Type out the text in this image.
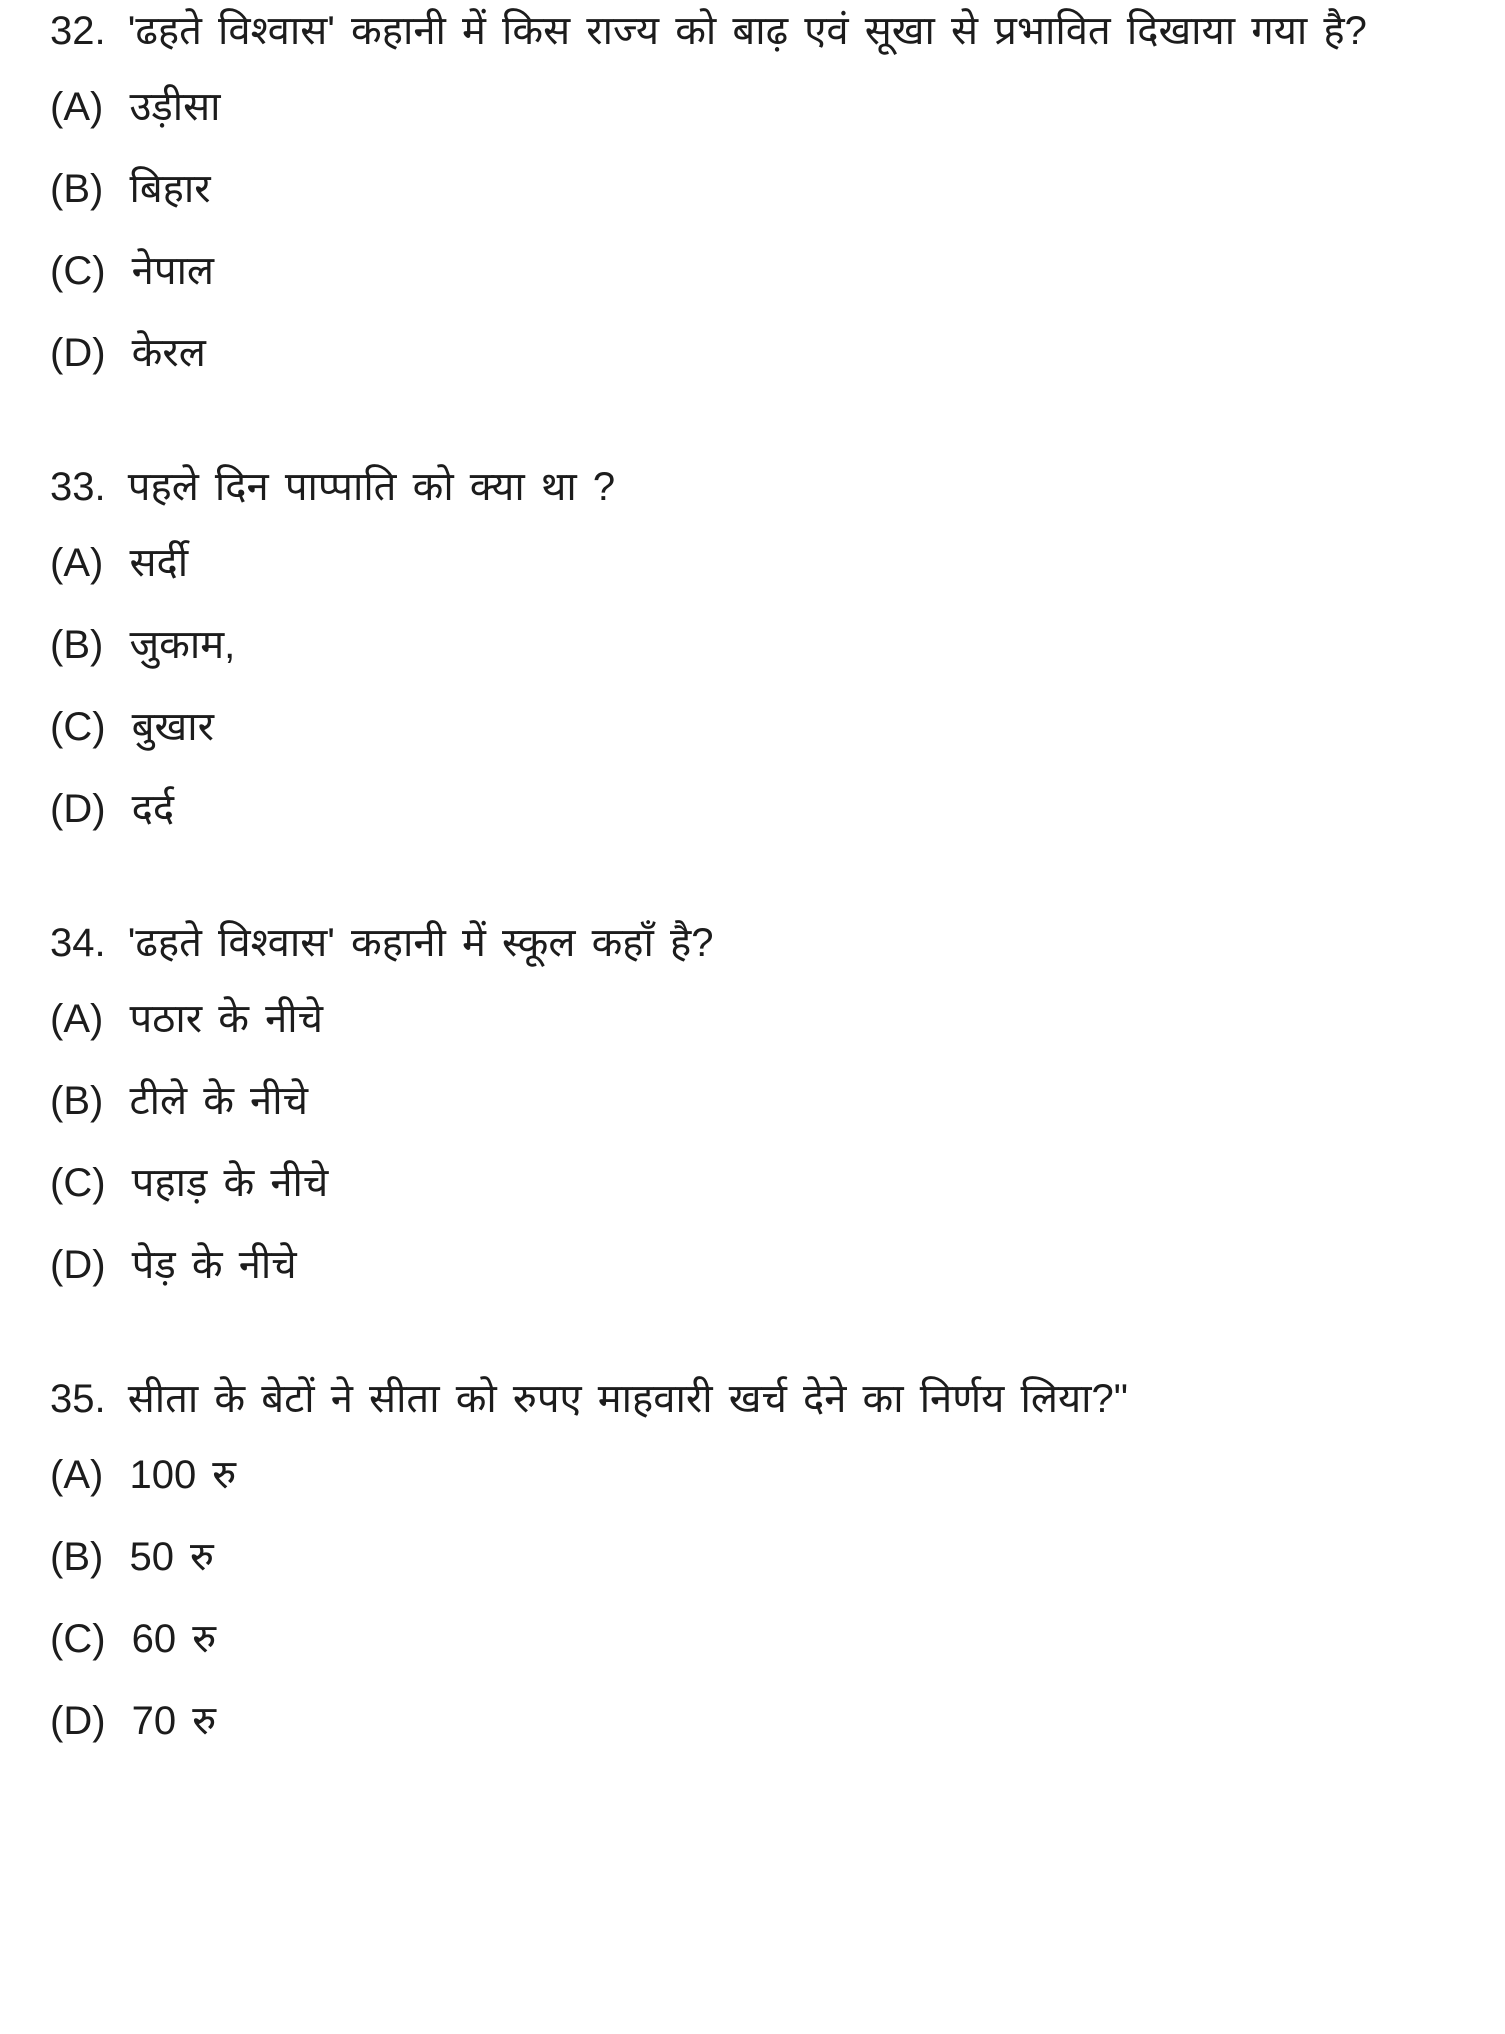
32. 'ढहते विश्वास' कहानी में किस राज्य को बाढ़ एवं सूखा से प्रभावित दिखाया गया है?

(A) उड़ीसा
(B) बिहार
(C) नेपाल
(D) केरल

33. पहले दिन पाप्पाति को क्या था ?

(A) सर्दी
(B) जुकाम,
(C) बुखार
(D) दर्द

34. 'ढहते विश्वास' कहानी में स्कूल कहाँ है?

(A) पठार के नीचे
(B) टीले के नीचे
(C) पहाड़ के नीचे
(D) पेड़ के नीचे

35. सीता के बेटों ने सीता को रुपए माहवारी खर्च देने का निर्णय लिया?"

(A) 100 रु
(B) 50 रु
(C) 60 रु
(D) 70 रु
